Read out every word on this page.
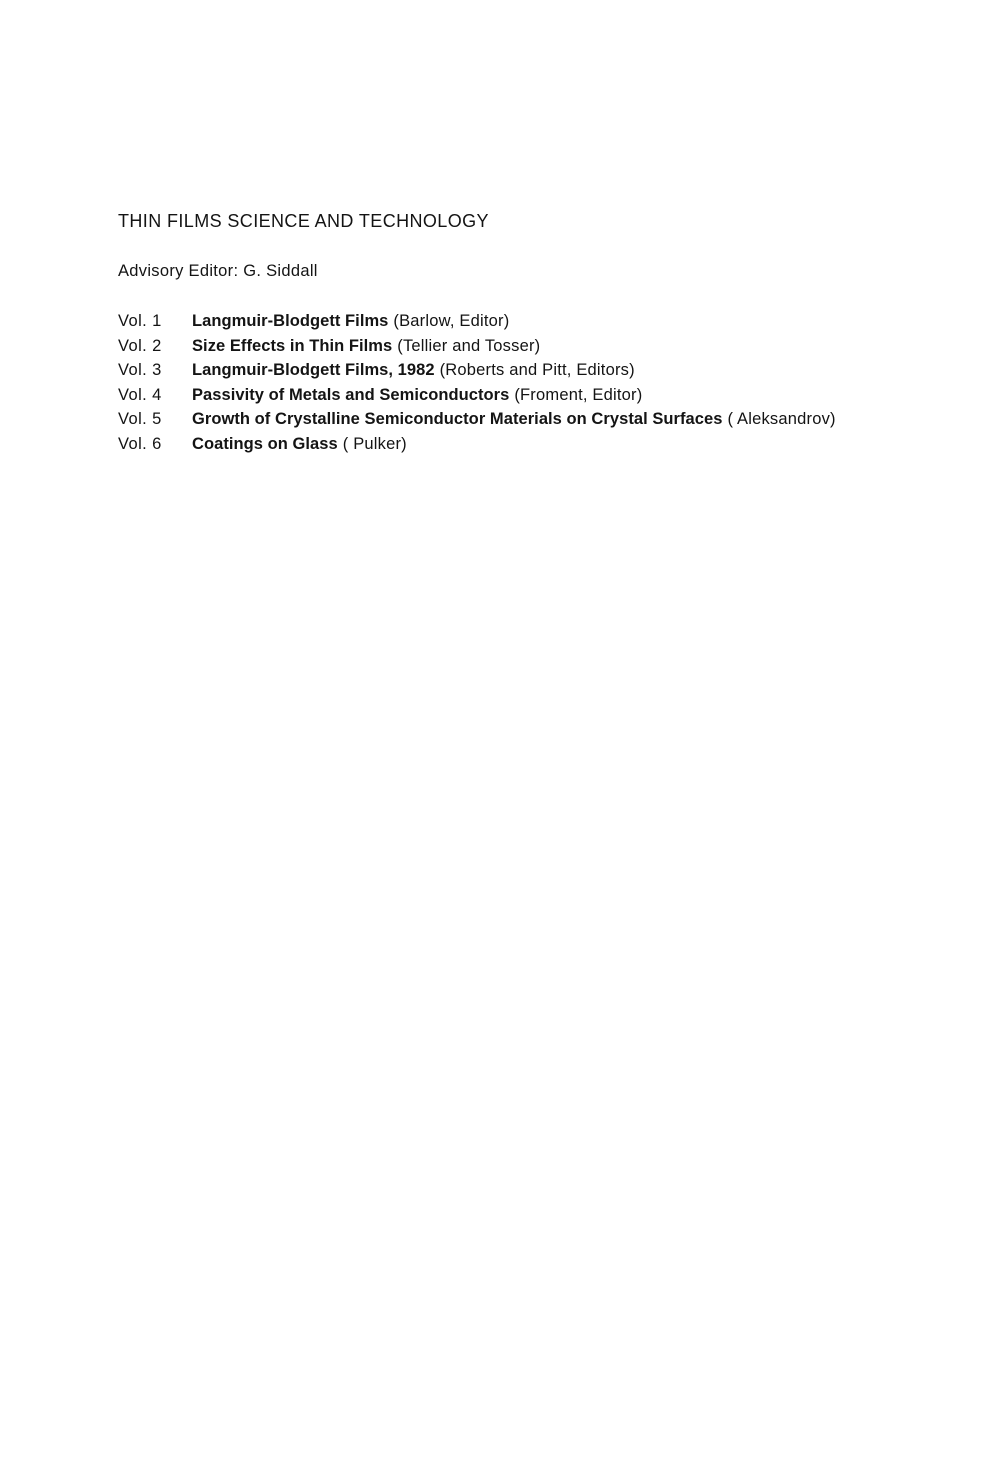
THIN FILMS SCIENCE AND TECHNOLOGY
Advisory Editor: G. Siddall
Vol. 1	Langmuir-Blodgett Films (Barlow, Editor)
Vol. 2	Size Effects in Thin Films (Tellier and Tosser)
Vol. 3	Langmuir-Blodgett Films, 1982 (Roberts and Pitt, Editors)
Vol. 4	Passivity of Metals and Semiconductors (Froment, Editor)
Vol. 5	Growth of Crystalline Semiconductor Materials on Crystal Surfaces ( Aleksandrov)
Vol. 6	Coatings on Glass ( Pulker)
